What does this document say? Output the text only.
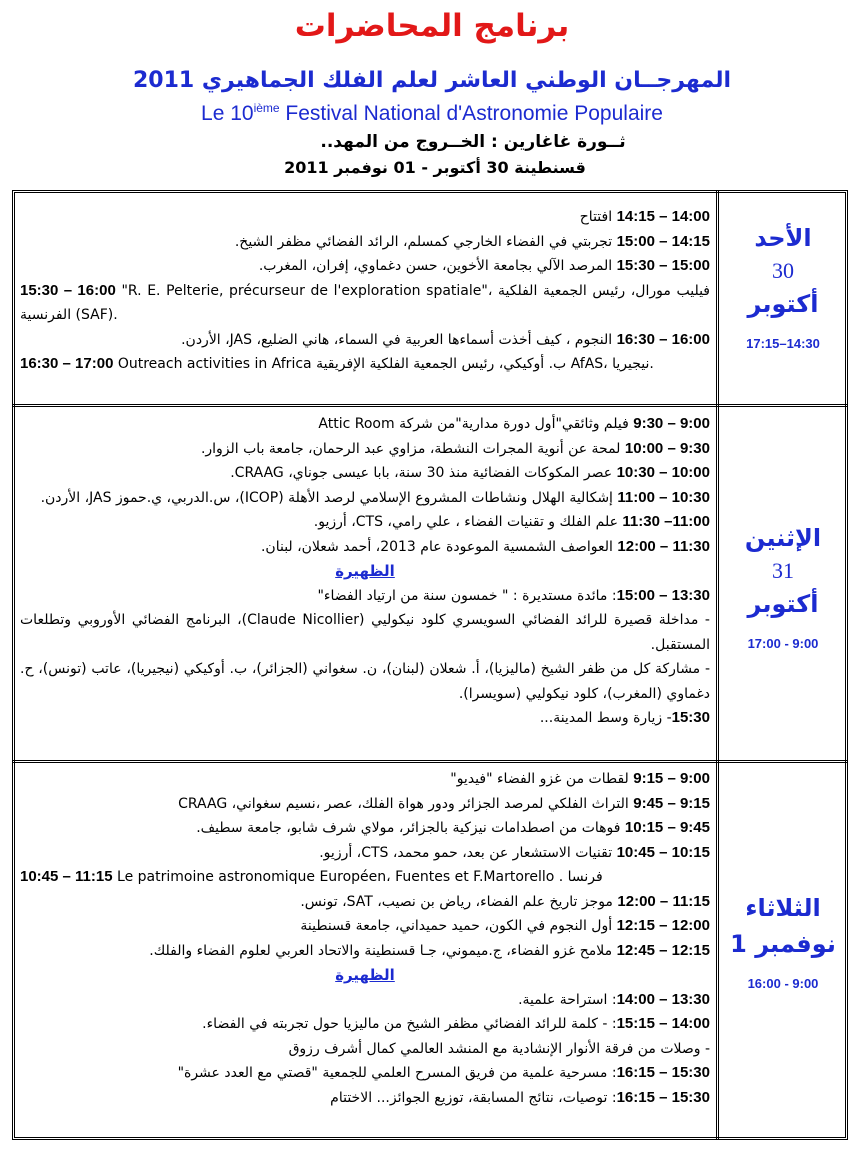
برنامج المحاضرات
المهرجــان الوطني العاشر لعلم الفلك الجماهيري 2011
Le 10ième Festival National d'Astronomie Populaire
ثــورة غاغارين : الخــروج من المهد..
قسنطينة 30 أكتوبر - 01 نوفمبر 2011
الأحد
30
أكتوبر
17:15–14:30

14:00 – 14:15 افتتاح

14:15 – 15:00 تجربتي في الفضاء الخارجي كمسلم، الرائد الفضائي مظفر الشيخ.

15:00 – 15:30 المرصد الآلي بجامعة الأخوين، حسن دغماوي، إفران، المغرب.

15:30 – 16:00 "R. E. Pelterie, précurseur de l'exploration spatiale"، فيليب مورال، رئيس الجمعية الفلكية الفرنسية (SAF).

16:00 – 16:30 النجوم ، كيف أخذت أسماءها العربية في السماء، هاني الضليع، JAS، الأردن.

16:30 – 17:00 Outreach activities in Africa ب. أوكيكي، رئيس الجمعية الفلكية الإفريقية AfAS، نيجيريا.

الإثنين
31
أكتوبر
17:00 - 9:00

9:00 – 9:30 فيلم وثائقي"أول دورة مدارية"من شركة Attic Room

9:30 – 10:00 لمحة عن أنوية المجرات النشطة، مزاوي عبد الرحمان، جامعة باب الزوار.

10:00 – 10:30 عصر المكوكات الفضائية منذ 30 سنة، بابا عيسى جوناي، CRAAG.

10:30 – 11:00 إشكالية الهلال ونشاطات المشروع الإسلامي لرصد الأهلة (ICOP)، س.الدربي، ي.حموز JAS، الأردن.

11:00– 11:30 علم الفلك و تقنيات الفضاء ، علي رامي، CTS، أرزيو.

11:30 – 12:00 العواصف الشمسية الموعودة عام 2013، أحمد شعلان، لبنان.

الظهيرة

13:30 – 15:00: مائدة مستديرة : " خمسون سنة من ارتياد الفضاء"

- مداخلة قصيرة للرائد الفضائي السويسري كلود نيكوليي (Claude Nicollier)، البرنامج الفضائي الأوروبي وتطلعات المستقبل.

- مشاركة كل من ظفر الشيخ (ماليزيا)، أ. شعلان (لبنان)، ن. سغواني (الجزائر)، ب. أوكيكي (نيجيريا)، عاتب (تونس)، ح. دغماوي (المغرب)، كلود نيكوليي (سويسرا).

15:30- زيارة وسط المدينة...

الثلاثاء
1 نوفمبر
16:00 - 9:00

9:00 – 9:15 لقطات من غزو الفضاء "فيديو"

9:15 – 9:45 التراث الفلكي لمرصد الجزائر ودور هواة الفلك، عصر ،نسيم سغواني، CRAAG

9:45 – 10:15 فوهات من اصطدامات نيزكية بالجزائر، مولاي شرف شابو، جامعة سطيف.

10:15 – 10:45 تقنيات الاستشعار عن بعد، حمو محمد، CTS، أرزيو.

10:45 – 11:15 Le patrimoine astronomique Européen، Fuentes et F.Martorello . فرنسا

11:15 – 12:00 موجز تاريخ علم الفضاء، رياض بن نصيب، SAT، تونس.

12:00 – 12:15 أول النجوم في الكون، حميد حميداني، جامعة قسنطينة

12:15 – 12:45 ملامح غزو الفضاء، ج.ميموني، جـا قسنطينة والاتحاد العربي لعلوم الفضاء والفلك.

الظهيرة

13:30 – 14:00: استراحة علمية.

14:00 – 15:15: - كلمة للرائد الفضائي مظفر الشيخ من ماليزيا حول تجربته في الفضاء.

- وصلات من فرقة الأنوار الإنشادية مع المنشد العالمي كمال أشرف رزوق

15:30 – 16:15: مسرحية علمية من فريق المسرح العلمي للجمعية "قصتي مع العدد عشرة"

15:30 – 16:15: توصيات، نتائج المسابقة، توزيع الجوائز... الاختتام
